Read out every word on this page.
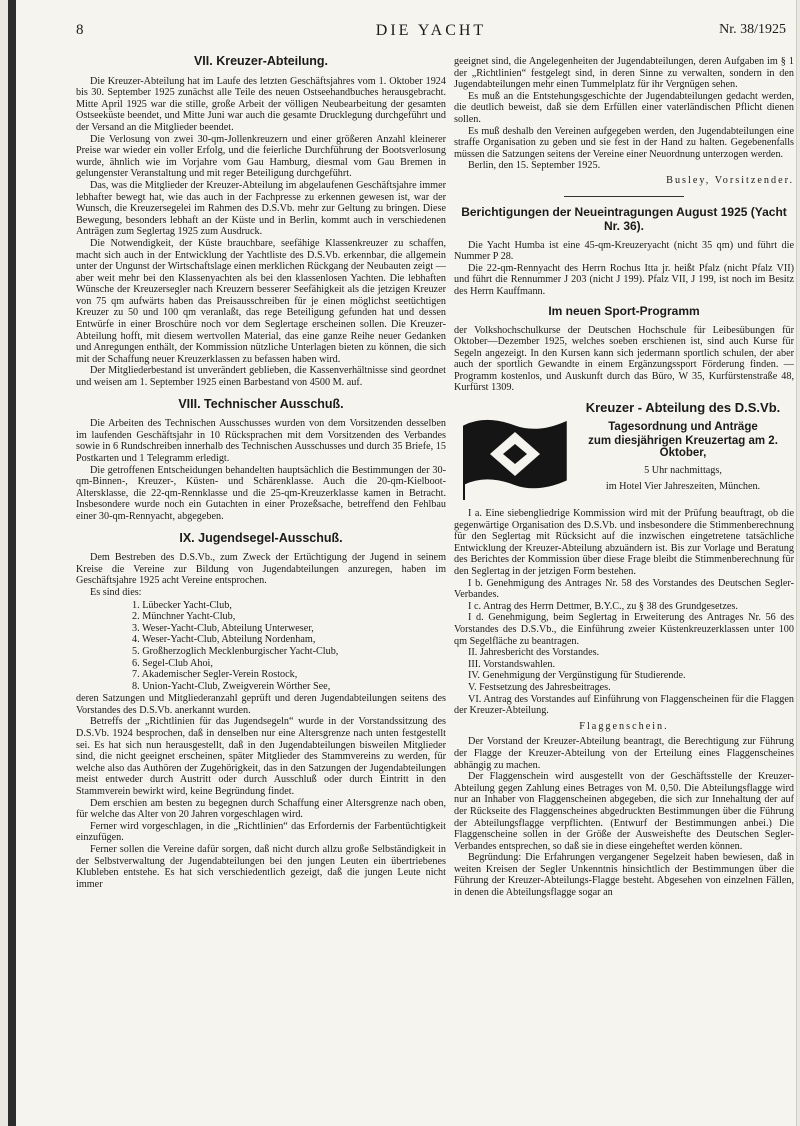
8	DIE YACHT	Nr. 38/1925
VII. Kreuzer-Abteilung.

Die Kreuzer-Abteilung hat im Laufe des letzten Geschäftsjahres vom 1. Oktober 1924 bis 30. September 1925 zunächst alle Teile des neuen Ostseehandbuches herausgebracht. Mitte April 1925 war die stille, große Arbeit der völligen Neubearbeitung der gesamten Ostseeküste beendet, und Mitte Juni war auch die gesamte Drucklegung durchgeführt und der Versand an die Mitglieder beendet.

Die Verlosung von zwei 30-qm-Jollenkreuzern und einer größeren Anzahl kleinerer Preise war wieder ein voller Erfolg, und die feierliche Durchführung der Bootsverlosung wurde, ähnlich wie im Vorjahre vom Gau Hamburg, diesmal vom Gau Bremen in gelungenster Veranstaltung und mit reger Beteiligung durchgeführt.

Das, was die Mitglieder der Kreuzer-Abteilung im abgelaufenen Geschäftsjahre immer lebhafter bewegt hat, wie das auch in der Fachpresse zu erkennen gewesen ist, war der Wunsch, die Kreuzersegelei im Rahmen des D.S.Vb. mehr zur Geltung zu bringen. Diese Bewegung, besonders lebhaft an der Küste und in Berlin, kommt auch in verschiedenen Anträgen zum Seglertag 1925 zum Ausdruck.

Die Notwendigkeit, der Küste brauchbare, seefähige Klassenkreuzer zu schaffen, macht sich auch in der Entwicklung der Yachtliste des D.S.Vb. erkennbar, die allgemein unter der Ungunst der Wirtschaftslage einen merklichen Rückgang der Neubauten zeigt — aber weit mehr bei den Klassenyachten als bei den klassenlosen Yachten. Die lebhaften Wünsche der Kreuzersegler nach Kreuzern besserer Seefähigkeit als die jetzigen Kreuzer von 75 qm aufwärts haben das Preisausschreiben für je einen möglichst seetüchtigen Kreuzer zu 50 und 100 qm veranlaßt, das rege Beteiligung gefunden hat und dessen Entwürfe in einer Broschüre noch vor dem Seglertage erscheinen sollen. Die Kreuzer-Abteilung hofft, mit diesem wertvollen Material, das eine ganze Reihe neuer Gedanken und Anregungen enthält, der Kommission nützliche Unterlagen bieten zu können, die sich mit der Schaffung neuer Kreuzerklassen zu befassen haben wird.

Der Mitgliederbestand ist unverändert geblieben, die Kassenverhältnisse sind geordnet und weisen am 1. September 1925 einen Barbestand von 4500 M. auf.

VIII. Technischer Ausschuß.

Die Arbeiten des Technischen Ausschusses wurden von dem Vorsitzenden desselben im laufenden Geschäftsjahr in 10 Rücksprachen mit dem Vorsitzenden des Verbandes sowie in 6 Rundschreiben innerhalb des Technischen Ausschusses und durch 35 Briefe, 15 Postkarten und 1 Telegramm erledigt.

Die getroffenen Entscheidungen behandelten hauptsächlich die Bestimmungen der 30-qm-Binnen-, Kreuzer-, Küsten- und Schärenklasse. Auch die 20-qm-Kielboot-Altersklasse, die 22-qm-Rennklasse und die 25-qm-Kreuzerklasse kamen in Betracht. Insbesondere wurde noch ein Gutachten in einer Prozeßsache, betreffend den Fehlbau einer 30-qm-Rennyacht, abgegeben.

IX. Jugendsegel-Ausschuß.

Dem Bestreben des D.S.Vb., zum Zweck der Ertüchtigung der Jugend in seinem Kreise die Vereine zur Bildung von Jugendabteilungen anzuregen, haben im Geschäftsjahre 1925 acht Vereine entsprochen.

Es sind dies:

1. Lübecker Yacht-Club,
2. Münchner Yacht-Club,
3. Weser-Yacht-Club, Abteilung Unterweser,
4. Weser-Yacht-Club, Abteilung Nordenham,
5. Großherzoglich Mecklenburgischer Yacht-Club,
6. Segel-Club Ahoi,
7. Akademischer Segler-Verein Rostock,
8. Union-Yacht-Club, Zweigverein Wörther See,

deren Satzungen und Mitgliederanzahl geprüft und deren Jugendabteilungen seitens des Vorstandes des D.S.Vb. anerkannt wurden.

Betreffs der „Richtlinien für das Jugendsegeln“ wurde in der Vorstandssitzung des D.S.Vb. 1924 besprochen, daß in denselben nur eine Altersgrenze nach unten festgestellt sei. Es hat sich nun herausgestellt, daß in den Jugendabteilungen bisweilen Mitglieder sind, die nicht geeignet erscheinen, später Mitglieder des Stammvereins zu werden, für welche also das Authören der Zugehörigkeit, das in den Satzungen der Jugendabteilungen meist entweder durch Austritt oder durch Ausschluß oder durch Eintritt in den Stammverein bewirkt wird, keine Begründung findet.

Dem erschien am besten zu begegnen durch Schaffung einer Altersgrenze nach oben, für welche das Alter von 20 Jahren vorgeschlagen wird.

Ferner wird vorgeschlagen, in die „Richtlinien“ das Erfordernis der Farbentüchtigkeit einzufügen.

Ferner sollen die Vereine dafür sorgen, daß nicht durch allzu große Selbständigkeit in der Selbstverwaltung der Jugendabteilungen bei den jungen Leuten ein übertriebenes Klubleben entstehe. Es hat sich verschiedentlich gezeigt, daß die jungen Leute nicht immer

geeignet sind, die Angelegenheiten der Jugendabteilungen, deren Aufgaben im § 1 der „Richtlinien“ festgelegt sind, in deren Sinne zu verwalten, sondern in den Jugendabteilungen mehr einen Tummelplatz für ihr Vergnügen sehen.

Es muß an die Entstehungsgeschichte der Jugendabteilungen gedacht werden, die deutlich beweist, daß sie dem Erfüllen einer vaterländischen Pflicht dienen sollen.

Es muß deshalb den Vereinen aufgegeben werden, den Jugendabteilungen eine straffe Organisation zu geben und sie fest in der Hand zu halten. Gegebenenfalls müssen die Satzungen seitens der Vereine einer Neuordnung unterzogen werden.

Berlin, den 15. September 1925.

Busley, Vorsitzender.
Berichtigungen der Neueintragungen August 1925 (Yacht Nr. 36).

Die Yacht Humba ist eine 45-qm-Kreuzeryacht (nicht 35 qm) und führt die Nummer P 28.

Die 22-qm-Rennyacht des Herrn Rochus Itta jr. heißt Pfalz (nicht Pfalz VII) und führt die Rennummer J 203 (nicht J 199). Pfalz VII, J 199, ist noch im Besitz des Herrn Kauffmann.

Im neuen Sport-Programm

der Volkshochschulkurse der Deutschen Hochschule für Leibesübungen für Oktober—Dezember 1925, welches soeben erschienen ist, sind auch Kurse für Segeln angezeigt. In den Kursen kann sich jedermann sportlich schulen, der aber auch der sportlich Gewandte in einem Ergänzungssport Förderung finden. — Programm kostenlos, und Auskunft durch das Büro, W 35, Kurfürstenstraße 48, Kurfürst 1309.

Kreuzer - Abteilung des D.S.Vb.
Tagesordnung und Anträge
zum diesjährigen Kreuzertag am 2. Oktober,
5 Uhr nachmittags,
im Hotel Vier Jahreszeiten, München.

I a. Eine siebengliedrige Kommission wird mit der Prüfung beauftragt, ob die gegenwärtige Organisation des D.S.Vb. und insbesondere die Stimmenberechnung für den Seglertag mit Rücksicht auf die inzwischen eingetretene tatsächliche Entwicklung der Kreuzer-Abteilung abzuändern ist. Bis zur Vorlage und Beratung des Berichtes der Kommission über diese Frage bleibt die Stimmenberechnung für den Seglertag in der jetzigen Form bestehen.

I b. Genehmigung des Antrages Nr. 58 des Vorstandes des Deutschen Segler-Verbandes.

I c. Antrag des Herrn Dettmer, B.Y.C., zu § 38 des Grundgesetzes.

I d. Genehmigung, beim Seglertag in Erweiterung des Antrages Nr. 56 des Vorstandes des D.S.Vb., die Einführung zweier Küstenkreuzerklassen unter 100 qm Segelfläche zu beantragen.

II. Jahresbericht des Vorstandes.

III. Vorstandswahlen.

IV. Genehmigung der Vergünstigung für Studierende.

V. Festsetzung des Jahresbeitrages.

VI. Antrag des Vorstandes auf Einführung von Flaggenscheinen für die Flaggen der Kreuzer-Abteilung.

Flaggenschein.

Der Vorstand der Kreuzer-Abteilung beantragt, die Berechtigung zur Führung der Flagge der Kreuzer-Abteilung von der Erteilung eines Flaggenscheines abhängig zu machen.

Der Flaggenschein wird ausgestellt von der Geschäftsstelle der Kreuzer-Abteilung gegen Zahlung eines Betrages von M. 0,50. Die Abteilungsflagge wird nur an Inhaber von Flaggenscheinen abgegeben, die sich zur Innehaltung der auf der Rückseite des Flaggenscheines abgedruckten Bestimmungen über die Führung der Abteilungsflagge verpflichten. (Entwurf der Bestimmungen anbei.) Die Flaggenscheine sollen in der Größe der Ausweishefte des Deutschen Segler-Verbandes entsprechen, so daß sie in diese eingeheftet werden können.

Begründung: Die Erfahrungen vergangener Segelzeit haben bewiesen, daß in weiten Kreisen der Segler Unkenntnis hinsichtlich der Bestimmungen über die Führung der Kreuzer-Abteilungs-Flagge besteht. Abgesehen von einzelnen Fällen, in denen die Abteilungsflagge sogar an
